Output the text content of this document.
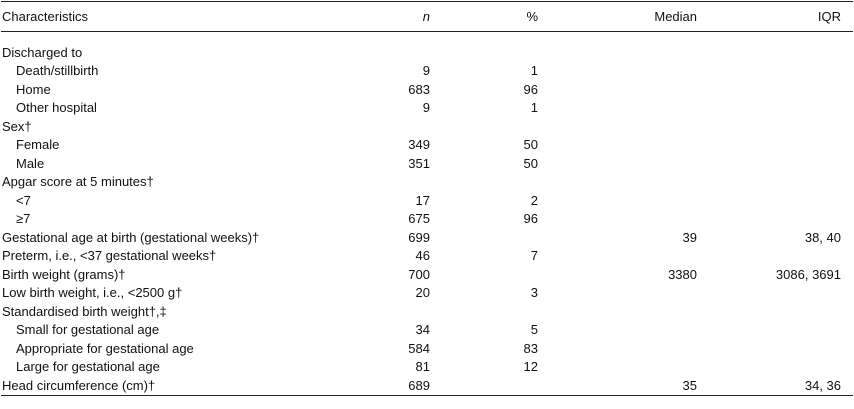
Characteristics	n	%	Median	IQR

Discharged to				
Death/stillbirth	9	1		
Home	683	96		
Other hospital	9	1		
Sex†				
Female	349	50		
Male	351	50		
Apgar score at 5 minutes†				
<7	17	2		
≥7	675	96		
Gestational age at birth (gestational weeks)†	699		39	38, 40
Preterm, i.e., <37 gestational weeks†	46	7		
Birth weight (grams)†	700		3380	3086, 3691
Low birth weight, i.e., <2500 g†	20	3		
Standardised birth weight†,‡				
Small for gestational age	34	5		
Appropriate for gestational age	584	83		
Large for gestational age	81	12		
Head circumference (cm)†	689		35	34, 36
